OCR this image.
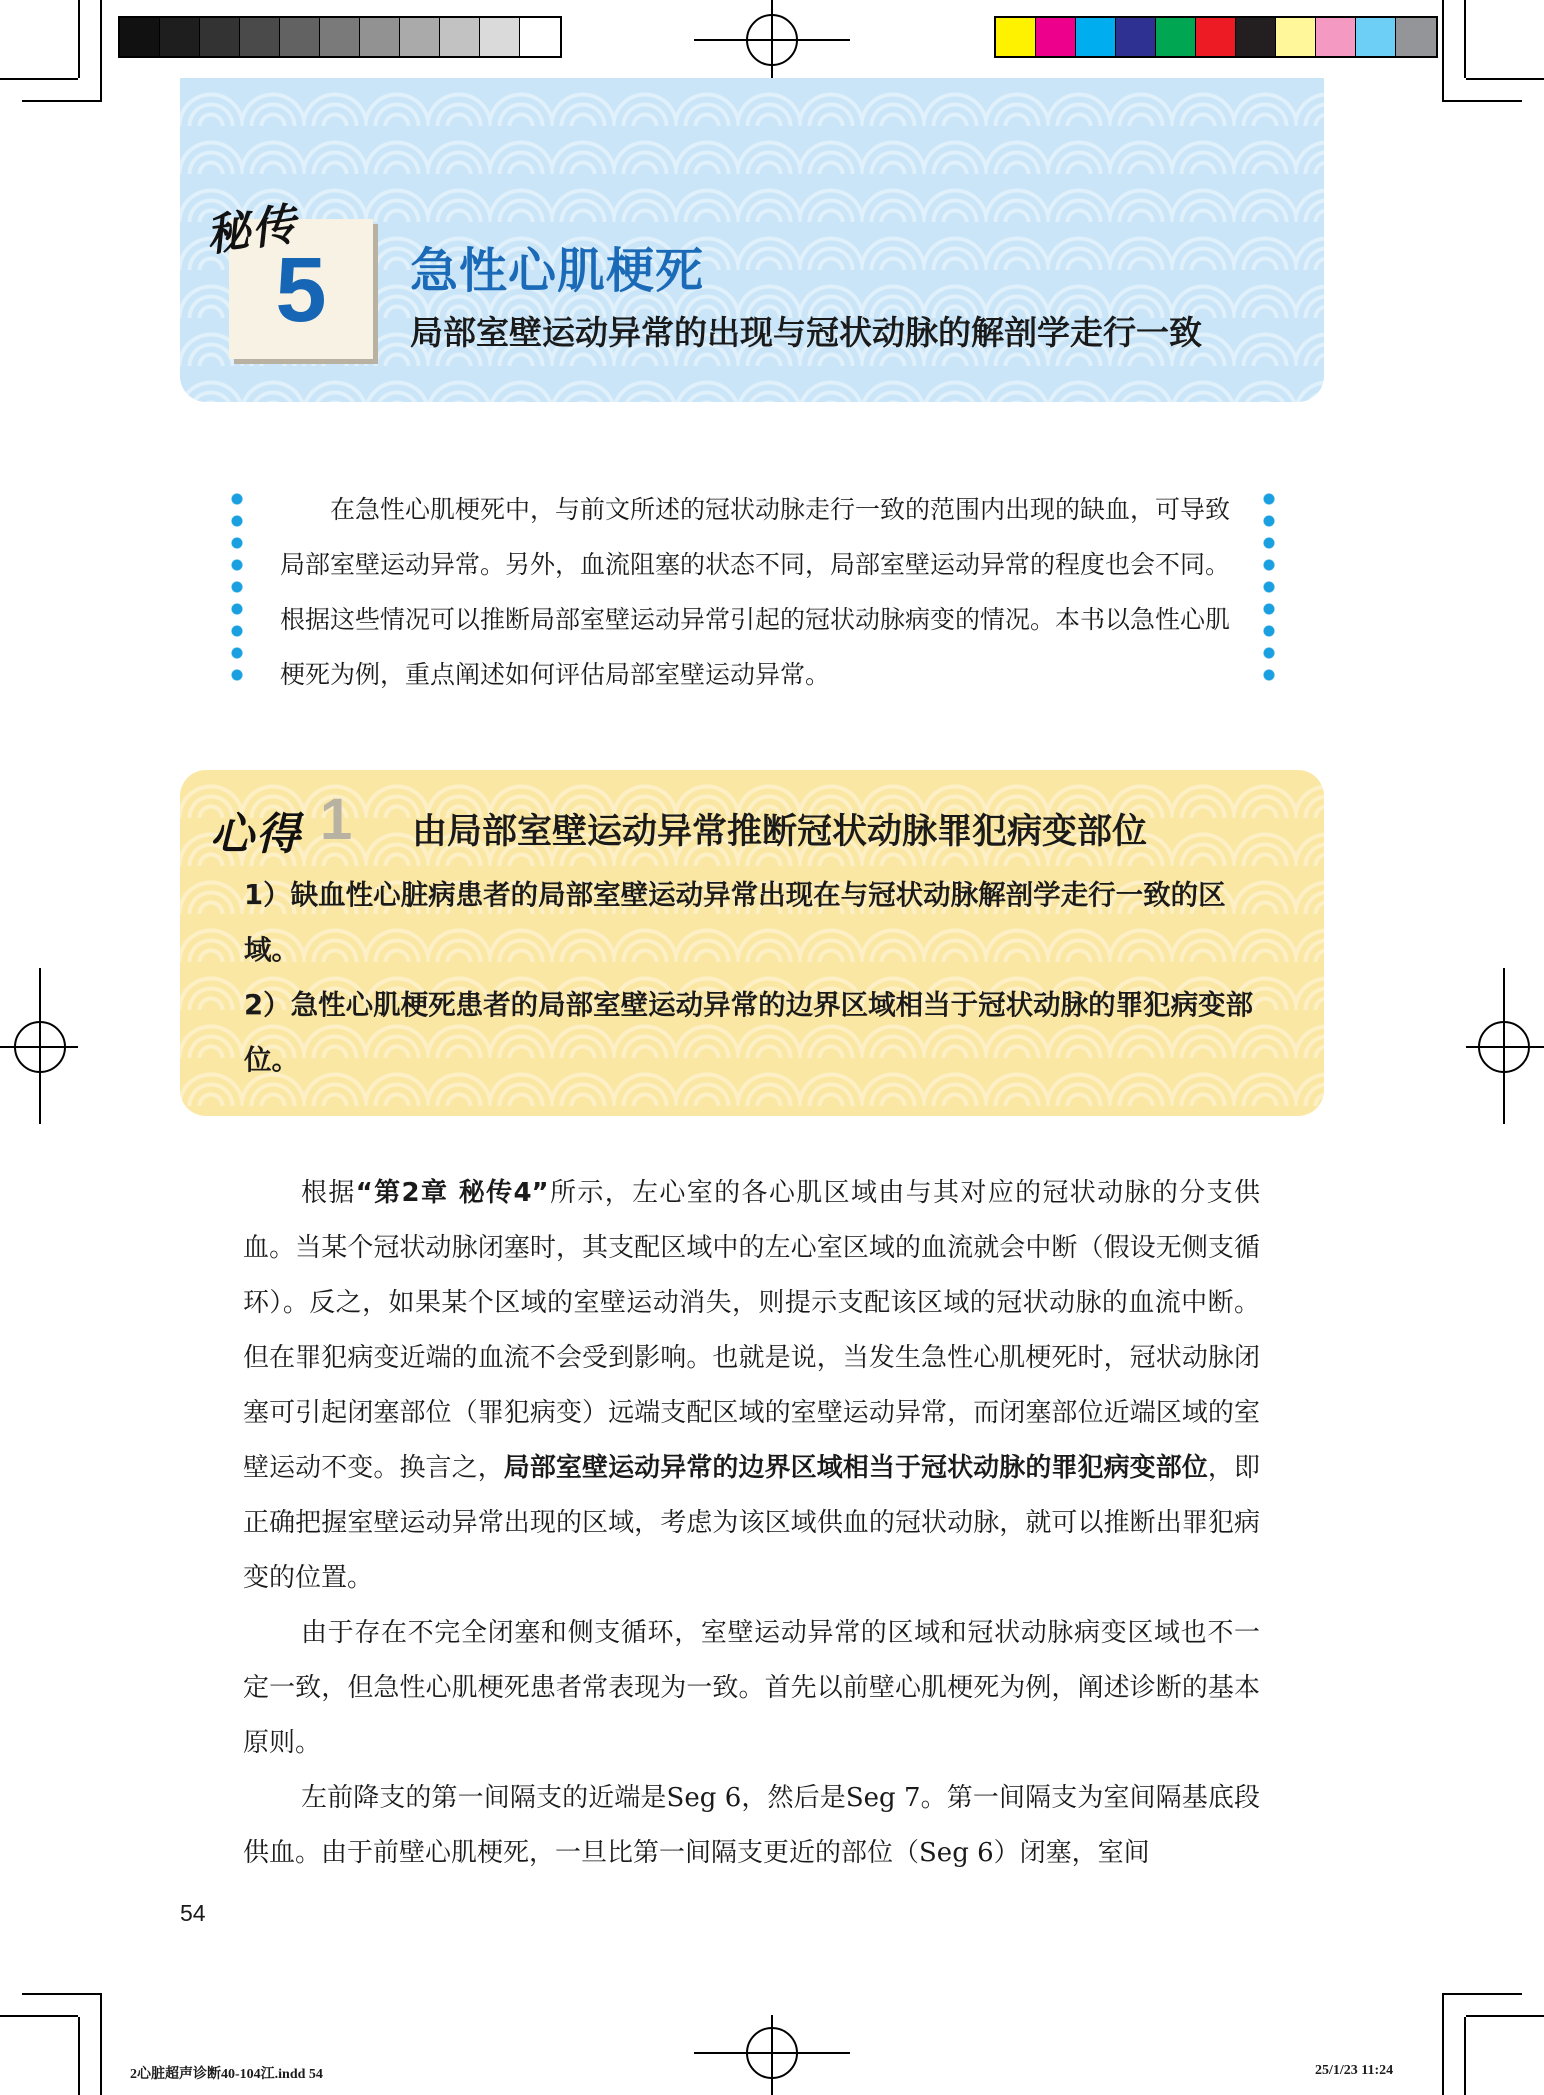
5
秘传
急性心肌梗死
局部室壁运动异常的出现与冠状动脉的解剖学走行一致

在急性心肌梗死中，与前文所述的冠状动脉走行一致的范围内出现的缺血，可导致局部室壁运动异常。另外，血流阻塞的状态不同，局部室壁运动异常的程度也会不同。根据这些情况可以推断局部室壁运动异常引起的冠状动脉病变的情况。本书以急性心肌梗死为例，重点阐述如何评估局部室壁运动异常。

心得 1 由局部室壁运动异常推断冠状动脉罪犯病变部位

1）缺血性心脏病患者的局部室壁运动异常出现在与冠状动脉解剖学走行一致的区域。

2）急性心肌梗死患者的局部室壁运动异常的边界区域相当于冠状动脉的罪犯病变部位。

根据“第2章 秘传4”所示，左心室的各心肌区域由与其对应的冠状动脉的分支供血。当某个冠状动脉闭塞时，其支配区域中的左心室区域的血流就会中断（假设无侧支循环）。反之，如果某个区域的室壁运动消失，则提示支配该区域的冠状动脉的血流中断。但在罪犯病变近端的血流不会受到影响。也就是说，当发生急性心肌梗死时，冠状动脉闭塞可引起闭塞部位（罪犯病变）远端支配区域的室壁运动异常，而闭塞部位近端区域的室壁运动不变。换言之，局部室壁运动异常的边界区域相当于冠状动脉的罪犯病变部位，即正确把握室壁运动异常出现的区域，考虑为该区域供血的冠状动脉，就可以推断出罪犯病变的位置。

由于存在不完全闭塞和侧支循环，室壁运动异常的区域和冠状动脉病变区域也不一定一致，但急性心肌梗死患者常表现为一致。首先以前壁心肌梗死为例，阐述诊断的基本原则。

左前降支的第一间隔支的近端是Seg 6，然后是Seg 7。第一间隔支为室间隔基底段供血。由于前壁心肌梗死，一旦比第一间隔支更近的部位（Seg 6）闭塞，室间

54
2心脏超声诊断40-104江.indd 54	25/1/23 11:24
